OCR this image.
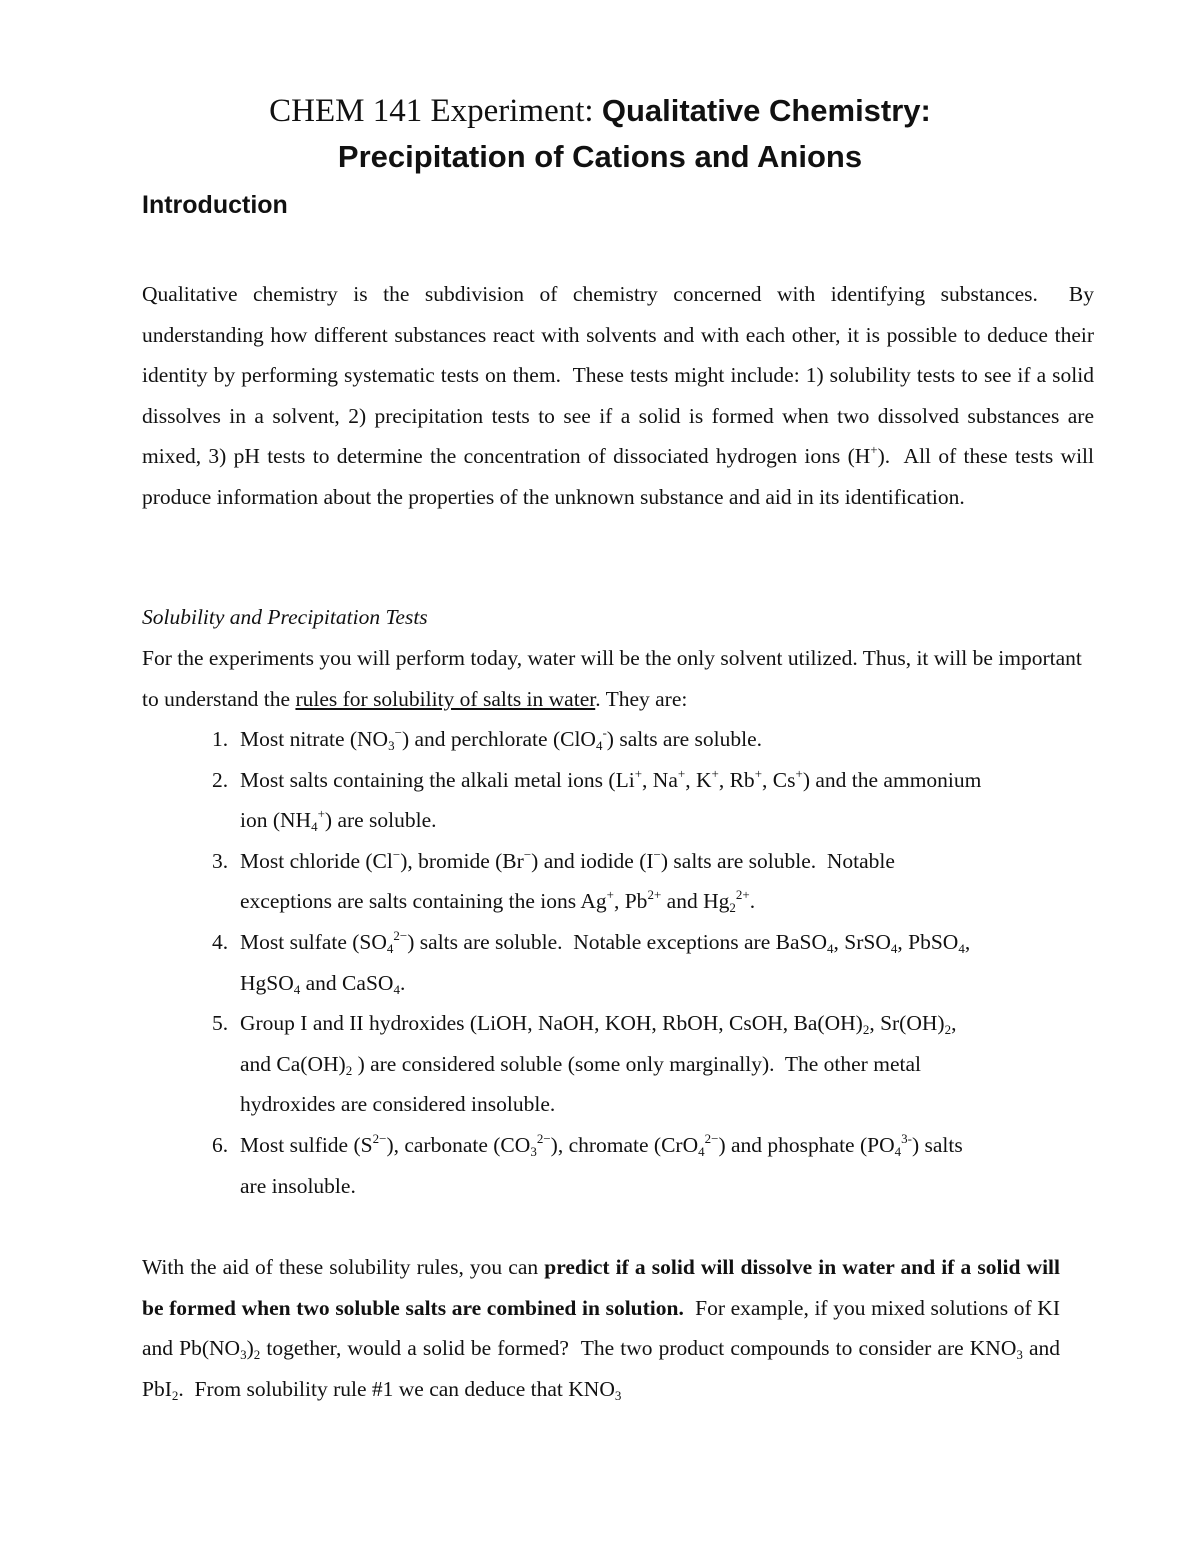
CHEM 141 Experiment: Qualitative Chemistry:
Precipitation of Cations and Anions
Introduction

Qualitative chemistry is the subdivision of chemistry concerned with identifying substances.  By understanding how different substances react with solvents and with each other, it is possible to deduce their identity by performing systematic tests on them.  These tests might include: 1) solubility tests to see if a solid dissolves in a solvent, 2) precipitation tests to see if a solid is formed when two dissolved substances are mixed, 3) pH tests to determine the concentration of dissociated hydrogen ions (H+).  All of these tests will produce information about the properties of the unknown substance and aid in its identification.

Solubility and Precipitation Tests

For the experiments you will perform today, water will be the only solvent utilized. Thus, it will be important to understand the rules for solubility of salts in water. They are:

1. Most nitrate $(NO_3^-)$ and perchlorate (ClO$_4$-) salts are soluble.
2. Most salts containing the alkali metal ions (Li+, Na+, K+, Rb+, Cs+) and the ammonium
ion $(NH_4^+)$ are soluble.
3. Most chloride (Cl−), bromide (Br−) and iodide (I−) salts are soluble.  Notable
exceptions are salts containing the ions Ag+, $Pb^{2+}$ and $Hg_2^{2+}$.
4. Most sulfate $(SO_4^{2-})$ salts are soluble.  Notable exceptions are BaSO$_4$, SrSO$_4$, PbSO$_4$,
HgSO$_4$ and CaSO$_4$.
5. Group I and II hydroxides (LiOH, NaOH, KOH, RbOH, CsOH, $Ba(OH)_2$, $Sr(OH)_2$,
and $Ca(OH)_2$ ) are considered soluble (some only marginally).  The other metal
hydroxides are considered insoluble.
6. Most sulfide $(S^{2-})$, carbonate $(CO_3^{2-})$, chromate (CrO$_4^{2-}$) and phosphate $(PO_4^{3-})$ salts
are insoluble.

With the aid of these solubility rules, you can predict if a solid will dissolve in water and if a solid will be formed when two soluble salts are combined in solution.  For example, if you mixed solutions of KI and $Pb(NO_3)_2$ together, would a solid be formed?  The two product compounds to consider are $KNO_3$ and PbI$_2$.  From solubility rule #1 we can deduce that $KNO_3$
